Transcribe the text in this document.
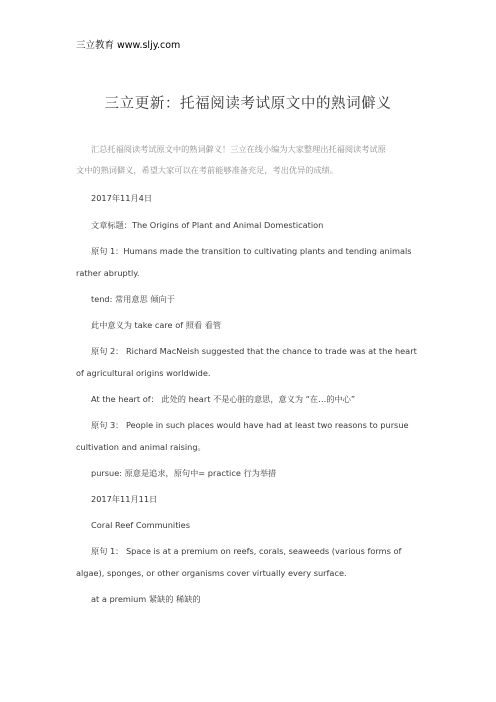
三立教育 www.sljy.com
三立更新：托福阅读考试原文中的熟词僻义
汇总托福阅读考试原文中的熟词僻义！三立在线小编为大家整理出托福阅读考试原
文中的熟词僻义，希望大家可以在考前能够准备充足，考出优异的成绩。
2017年11月4日
文章标题：The Origins of Plant and Animal Domestication
原句 1：Humans made the transition to cultivating plants and tending animals
rather abruptly.
tend: 常用意思 倾向于
此中意义为 take care of 照看 看管
原句 2： Richard MacNeish suggested that the chance to trade was at the heart
of agricultural origins worldwide.
At the heart of： 此处的 heart 不是心脏的意思，意义为 “在…的中心”
原句 3： People in such places would have had at least two reasons to pursue
cultivation and animal raising。
pursue: 原意是追求，原句中= practice 行为举措
2017年11月11日
Coral Reef Communities
原句 1： Space is at a premium on reefs, corals, seaweeds (various forms of
algae), sponges, or other organisms cover virtually every surface.
at a premium 紧缺的 稀缺的
